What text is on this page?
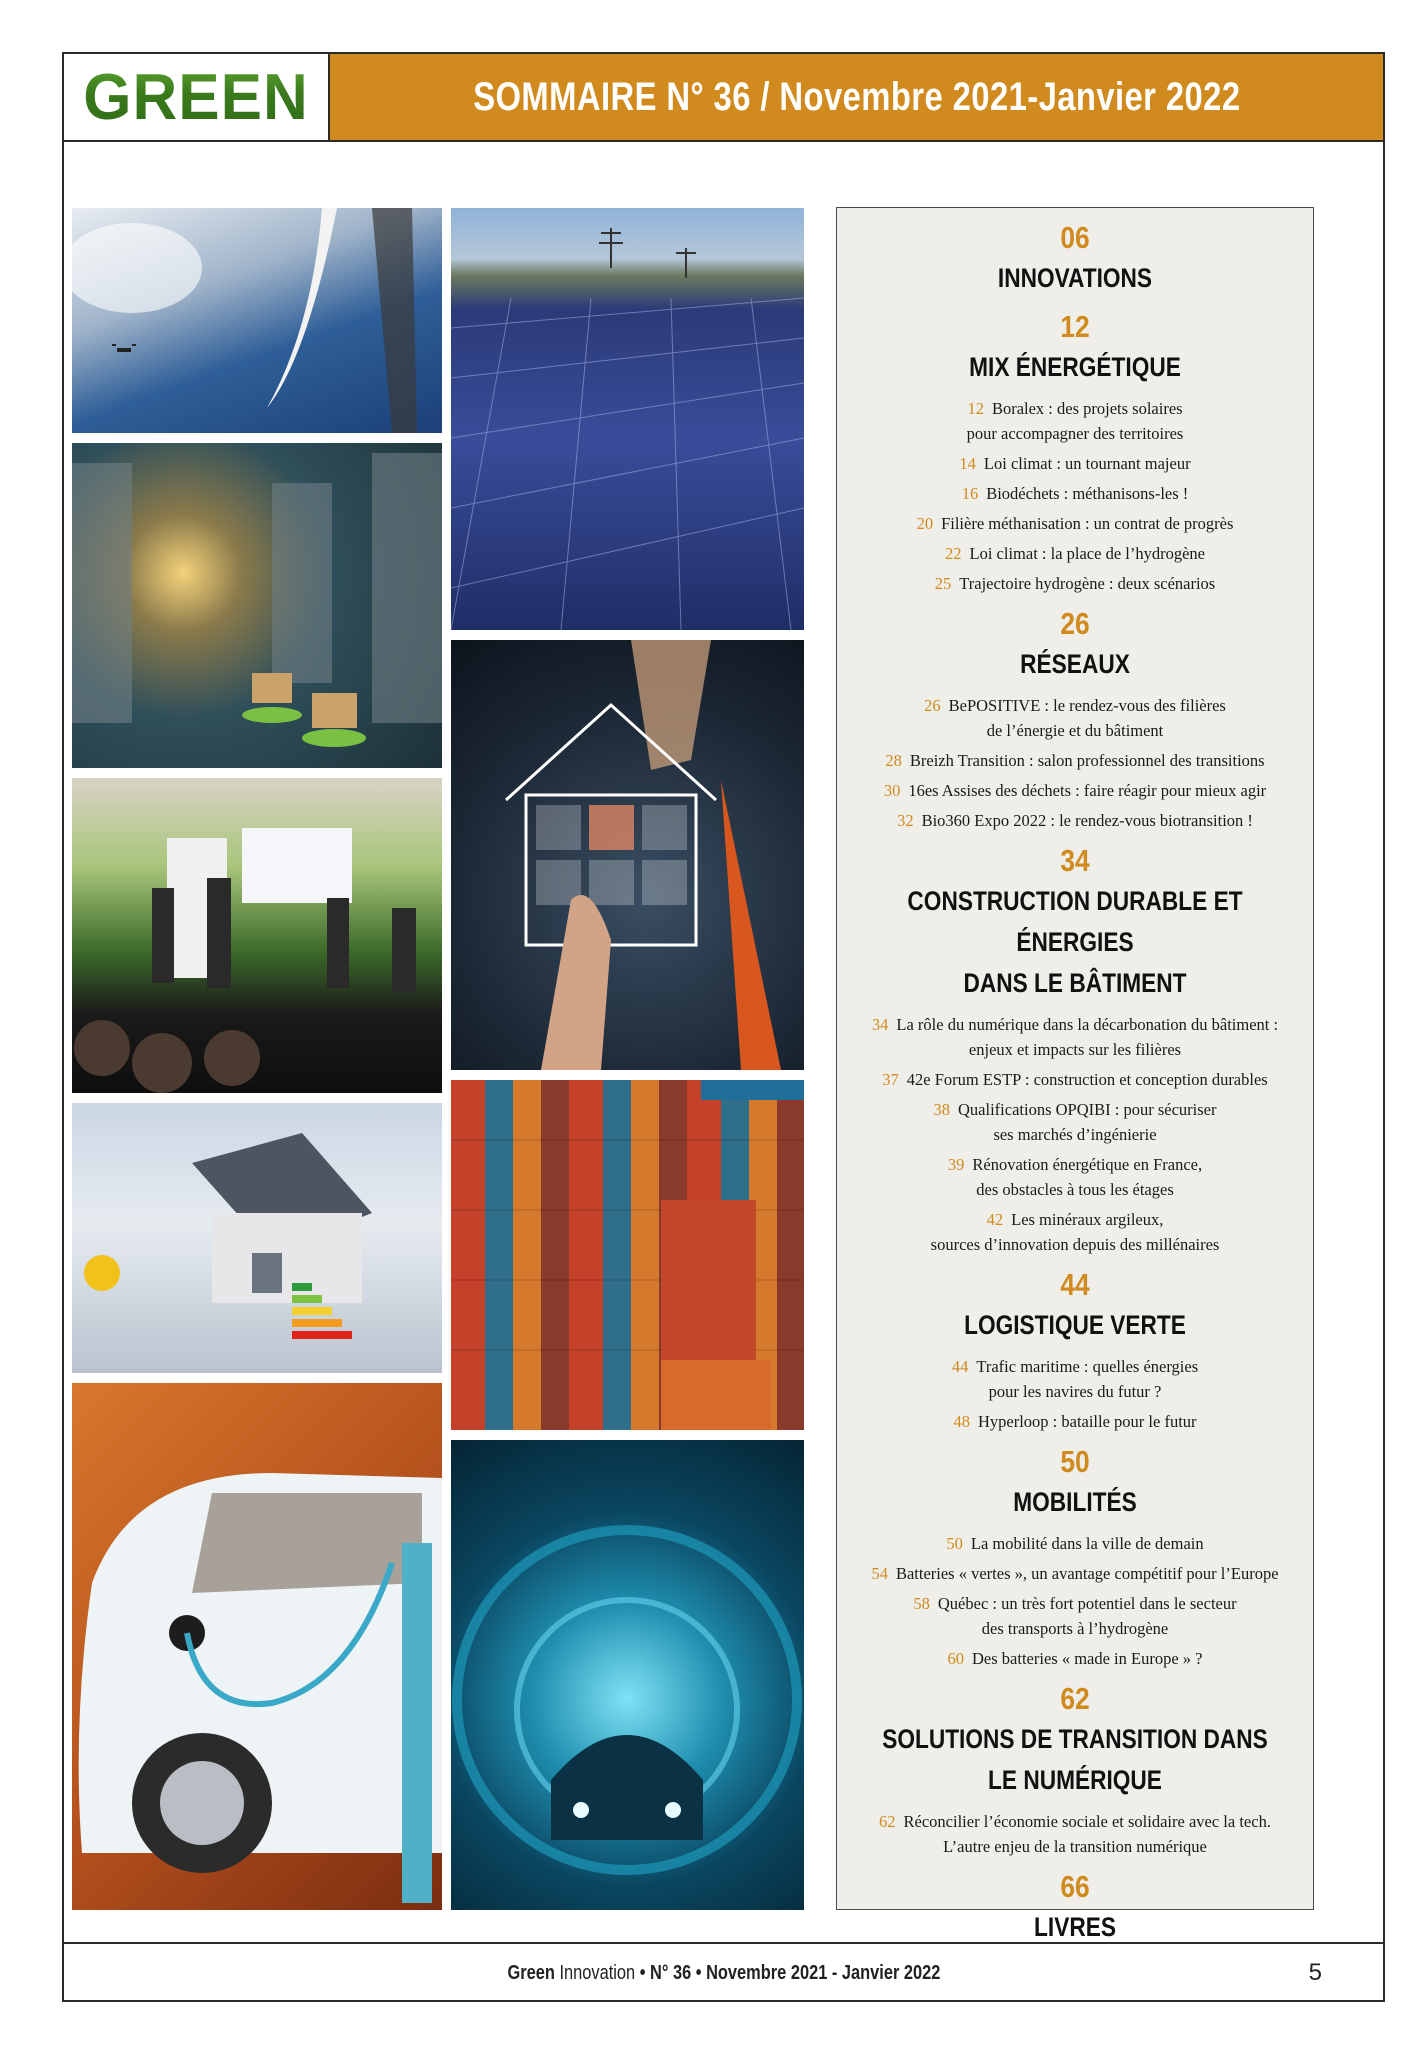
GREEN	SOMMAIRE N° 36 / Novembre 2021-Janvier 2022
06
INNOVATIONS
12
MIX ÉNERGÉTIQUE
12 Boralex : des projets solaires
pour accompagner des territoires
14 Loi climat : un tournant majeur
16 Biodéchets : méthanisons-les !
20 Filière méthanisation : un contrat de progrès
22 Loi climat : la place de l’hydrogène
25 Trajectoire hydrogène : deux scénarios
26
RÉSEAUX
26 BePOSITIVE : le rendez-vous des filières
de l’énergie et du bâtiment
28 Breizh Transition : salon professionnel des transitions
30 16es Assises des déchets : faire réagir pour mieux agir
32 Bio360 Expo 2022 : le rendez-vous biotransition !
34
CONSTRUCTION DURABLE ET ÉNERGIES
DANS LE BÂTIMENT
34 La rôle du numérique dans la décarbonation du bâtiment :
enjeux et impacts sur les filières
37 42e Forum ESTP : construction et conception durables
38 Qualifications OPQIBI : pour sécuriser
ses marchés d’ingénierie
39 Rénovation énergétique en France,
des obstacles à tous les étages
42 Les minéraux argileux,
sources d’innovation depuis des millénaires
44
LOGISTIQUE VERTE
44 Trafic maritime : quelles énergies
pour les navires du futur ?
48 Hyperloop : bataille pour le futur
50
MOBILITÉS
50 La mobilité dans la ville de demain
54 Batteries « vertes », un avantage compétitif pour l’Europe
58 Québec : un très fort potentiel dans le secteur
des transports à l’hydrogène
60 Des batteries « made in Europe » ?
62
SOLUTIONS DE TRANSITION DANS
LE NUMÉRIQUE
62 Réconcilier l’économie sociale et solidaire avec la tech.
L’autre enjeu de la transition numérique
66
LIVRES
Green Innovation • N° 36 • Novembre 2021 - Janvier 2022	5
